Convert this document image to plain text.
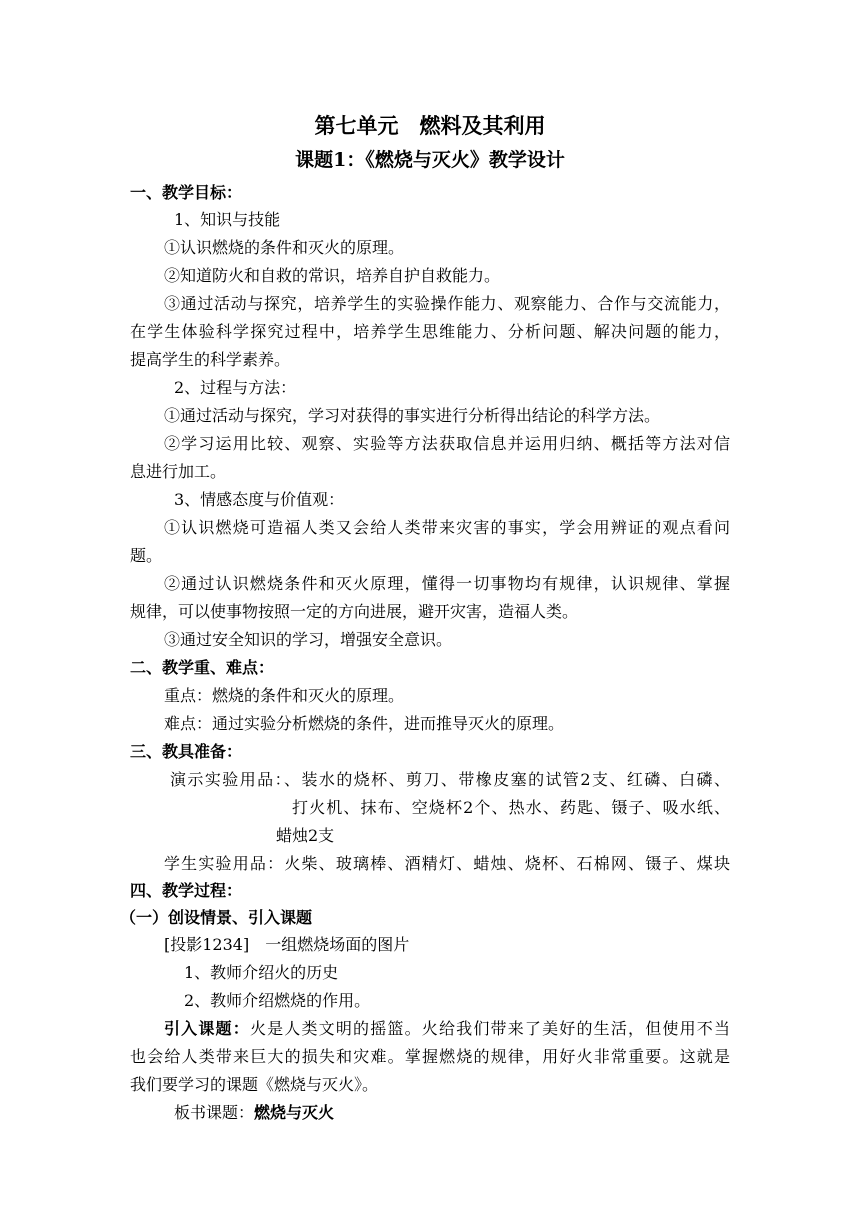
第七单元　燃料及其利用
课题1：《燃烧与灭火》教学设计
一、教学目标：
1、知识与技能
①认识燃烧的条件和灭火的原理。
②知道防火和自救的常识，培养自护自救能力。
③通过活动与探究，培养学生的实验操作能力、观察能力、合作与交流能力，
在学生体验科学探究过程中，培养学生思维能力、分析问题、解决问题的能力，
提高学生的科学素养。
2、过程与方法：
①通过活动与探究，学习对获得的事实进行分析得出结论的科学方法。
②学习运用比较、观察、实验等方法获取信息并运用归纳、概括等方法对信
息进行加工。
3、情感态度与价值观：
①认识燃烧可造福人类又会给人类带来灾害的事实，学会用辨证的观点看问
题。
②通过认识燃烧条件和灭火原理，懂得一切事物均有规律，认识规律、掌握
规律，可以使事物按照一定的方向进展，避开灾害，造福人类。
③通过安全知识的学习，增强安全意识。
二、教学重、难点：
重点：燃烧的条件和灭火的原理。
难点：通过实验分析燃烧的条件，进而推导灭火的原理。
三、教具准备：
演示实验用品：、装水的烧杯、剪刀、带橡皮塞的试管2支、红磷、白磷、
打火机、抹布、空烧杯2个、热水、药匙、镊子、吸水纸、
蜡烛2支
学生实验用品：火柴、玻璃棒、酒精灯、蜡烛、烧杯、石棉网、镊子、煤块
四、教学过程：
（一）创设情景、引入课题
[投影1234]　一组燃烧场面的图片
1、教师介绍火的历史
2、教师介绍燃烧的作用。
引入课题：火是人类文明的摇篮。火给我们带来了美好的生活，但使用不当
也会给人类带来巨大的损失和灾难。掌握燃烧的规律，用好火非常重要。这就是
我们要学习的课题《燃烧与灭火》。
板书课题：燃烧与灭火
